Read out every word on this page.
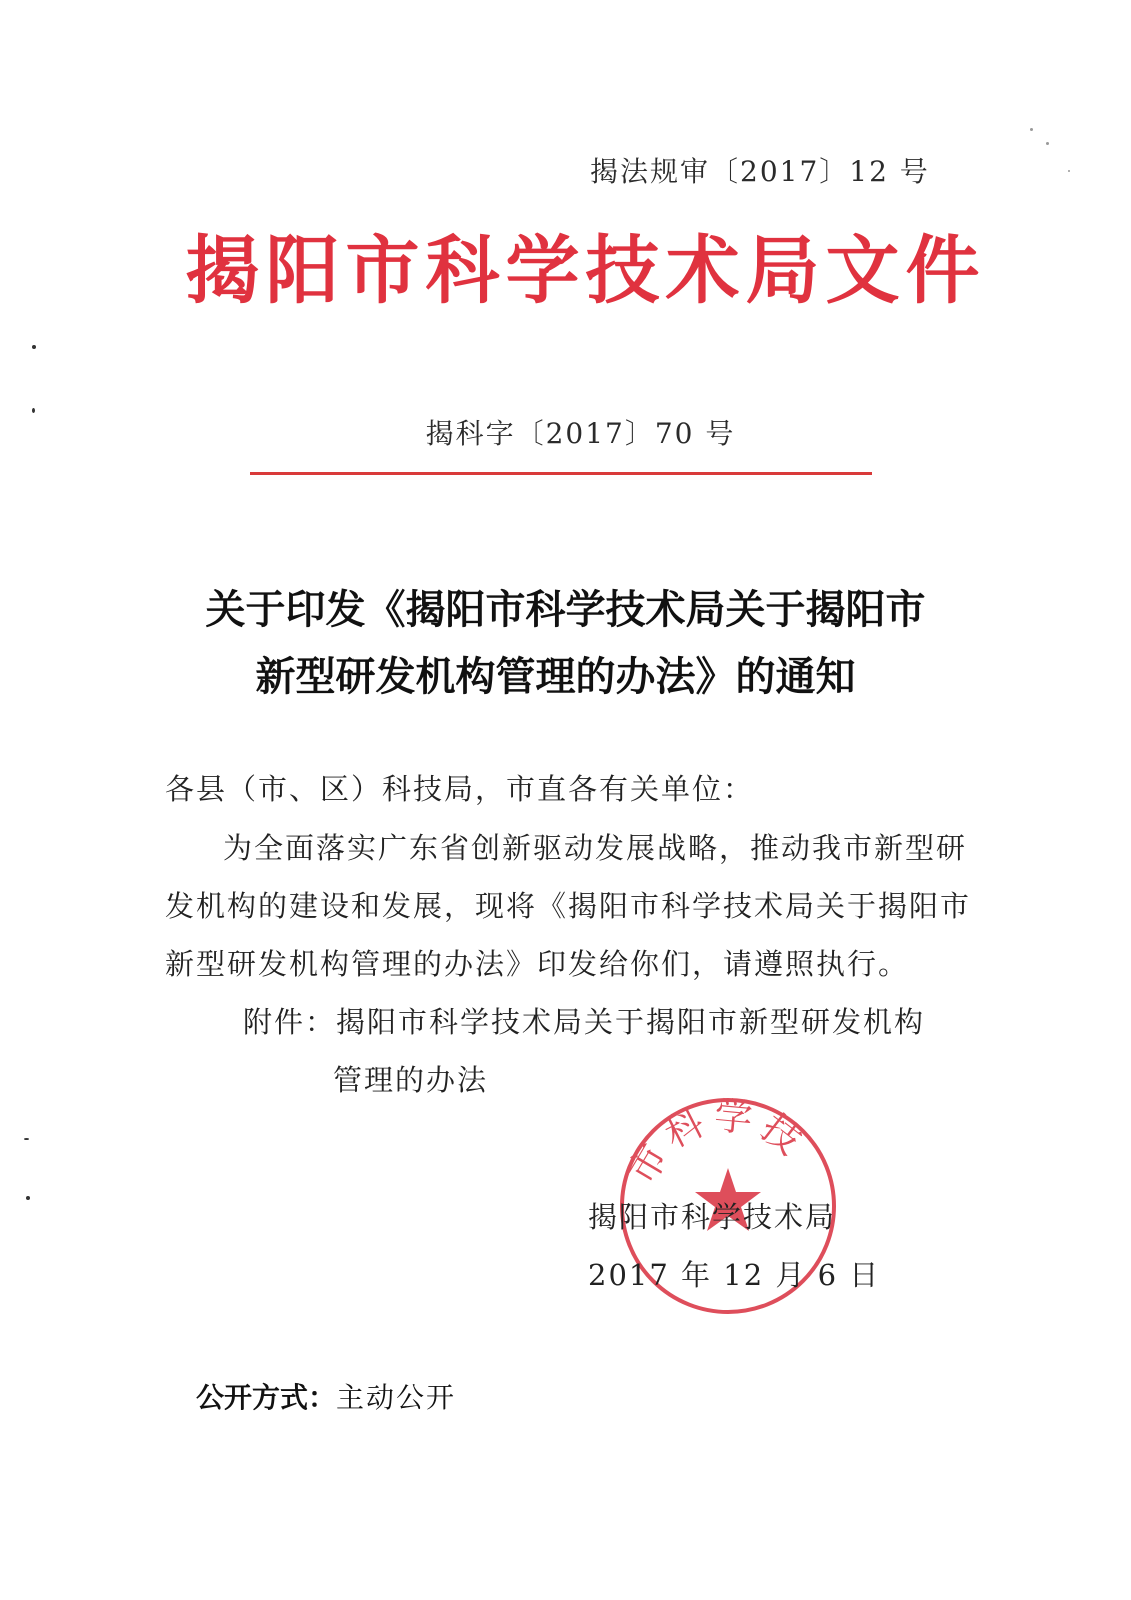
揭法规审〔2017〕12 号
揭阳市科学技术局文件
揭科字〔2017〕70 号
关于印发《揭阳市科学技术局关于揭阳市
新型研发机构管理的办法》的通知
各县（市、区）科技局，市直各有关单位：
为全面落实广东省创新驱动发展战略，推动我市新型研
发机构的建设和发展，现将《揭阳市科学技术局关于揭阳市
新型研发机构管理的办法》印发给你们，请遵照执行。
附件：揭阳市科学技术局关于揭阳市新型研发机构
管理的办法
市科学技
揭阳市科学技术局
2017 年 12 月 6 日
公开方式：主动公开
